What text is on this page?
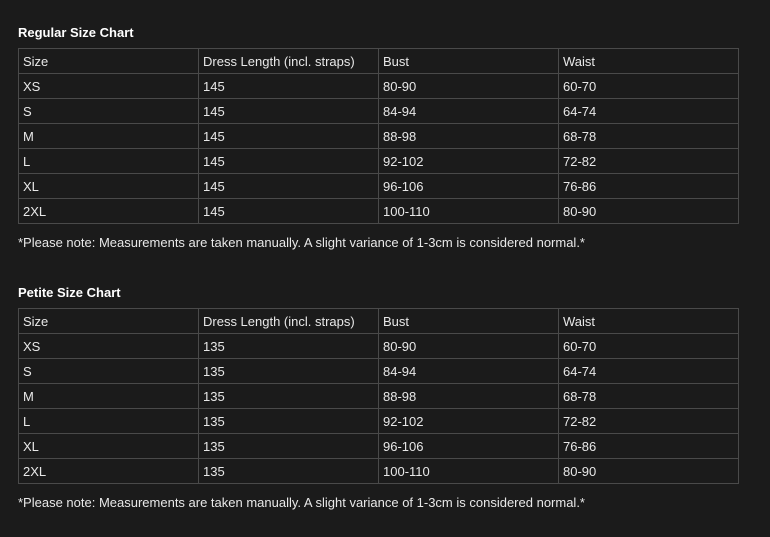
Regular Size Chart
Size	Dress Length (incl. straps)	Bust	Waist
XS	145	80-90	60-70
S	145	84-94	64-74
M	145	88-98	68-78
L	145	92-102	72-82
XL	145	96-106	76-86
2XL	145	100-110	80-90
*Please note: Measurements are taken manually. A slight variance of 1-3cm is considered normal.*
Petite Size Chart
Size	Dress Length (incl. straps)	Bust	Waist
XS	135	80-90	60-70
S	135	84-94	64-74
M	135	88-98	68-78
L	135	92-102	72-82
XL	135	96-106	76-86
2XL	135	100-110	80-90
*Please note: Measurements are taken manually. A slight variance of 1-3cm is considered normal.*
